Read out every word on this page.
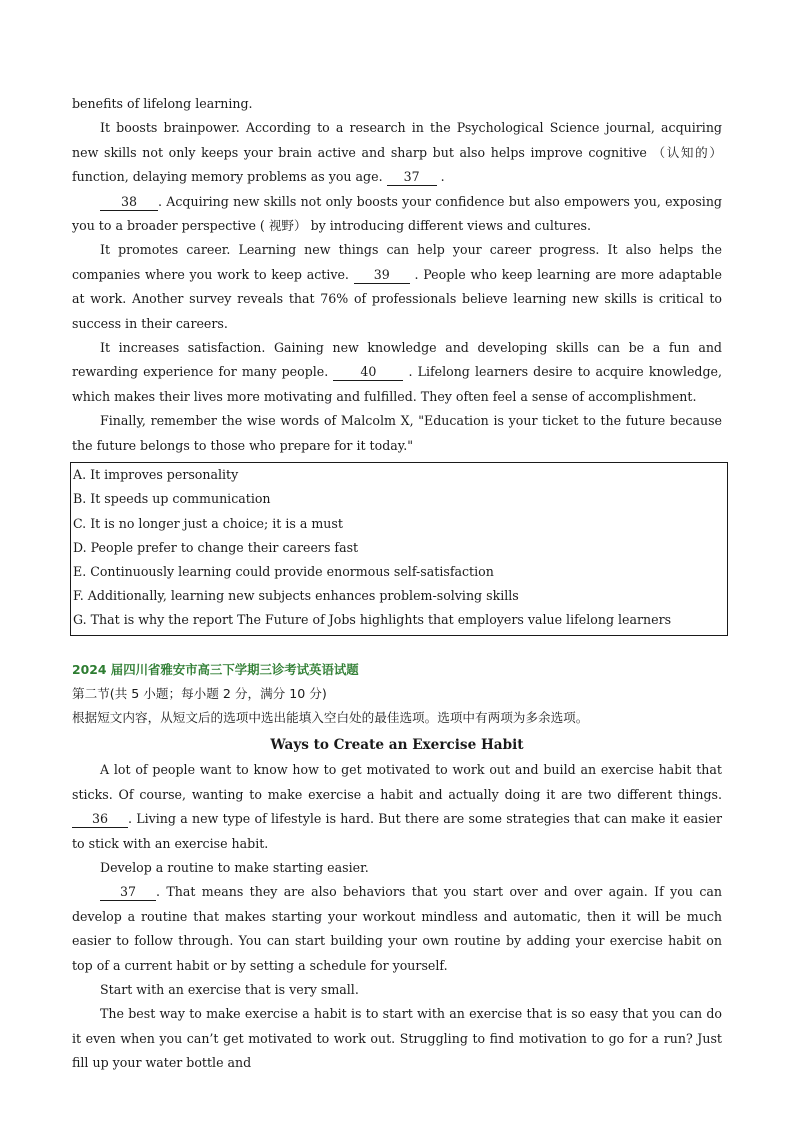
benefits of lifelong learning.

It boosts brainpower. According to a research in the Psychological Science journal, acquiring new skills not only keeps your brain active and sharp but also helps improve cognitive （认知的） function, delaying memory problems as you age. 37 .

38 . Acquiring new skills not only boosts your confidence but also empowers you, exposing you to a broader perspective ( 视野） by introducing different views and cultures.

It promotes career. Learning new things can help your career progress. It also helps the companies where you work to keep active. 39 . People who keep learning are more adaptable at work. Another survey reveals that 76% of professionals believe learning new skills is critical to success in their careers.

It increases satisfaction. Gaining new knowledge and developing skills can be a fun and rewarding experience for many people. 40 . Lifelong learners desire to acquire knowledge, which makes their lives more motivating and fulfilled. They often feel a sense of accomplishment.

Finally, remember the wise words of Malcolm X, "Education is your ticket to the future because the future belongs to those who prepare for it today."

A. It improves personality

B. It speeds up communication

C. It is no longer just a choice; it is a must

D. People prefer to change their careers fast

E. Continuously learning could provide enormous self-satisfaction

F. Additionally, learning new subjects enhances problem-solving skills

G. That is why the report The Future of Jobs highlights that employers value lifelong learners

2024 届四川省雅安市高三下学期三诊考试英语试题

第二节(共 5 小题；每小题 2 分，满分 10 分)

根据短文内容，从短文后的选项中选出能填入空白处的最佳选项。选项中有两项为多余选项。

Ways to Create an Exercise Habit

A lot of people want to know how to get motivated to work out and build an exercise habit that sticks. Of course, wanting to make exercise a habit and actually doing it are two different things. 36 . Living a new type of lifestyle is hard. But there are some strategies that can make it easier to stick with an exercise habit.

Develop a routine to make starting easier.

37 . That means they are also behaviors that you start over and over again. If you can develop a routine that makes starting your workout mindless and automatic, then it will be much easier to follow through. You can start building your own routine by adding your exercise habit on top of a current habit or by setting a schedule for yourself.

Start with an exercise that is very small.

The best way to make exercise a habit is to start with an exercise that is so easy that you can do it even when you can’t get motivated to work out. Struggling to find motivation to go for a run? Just fill up your water bottle and
